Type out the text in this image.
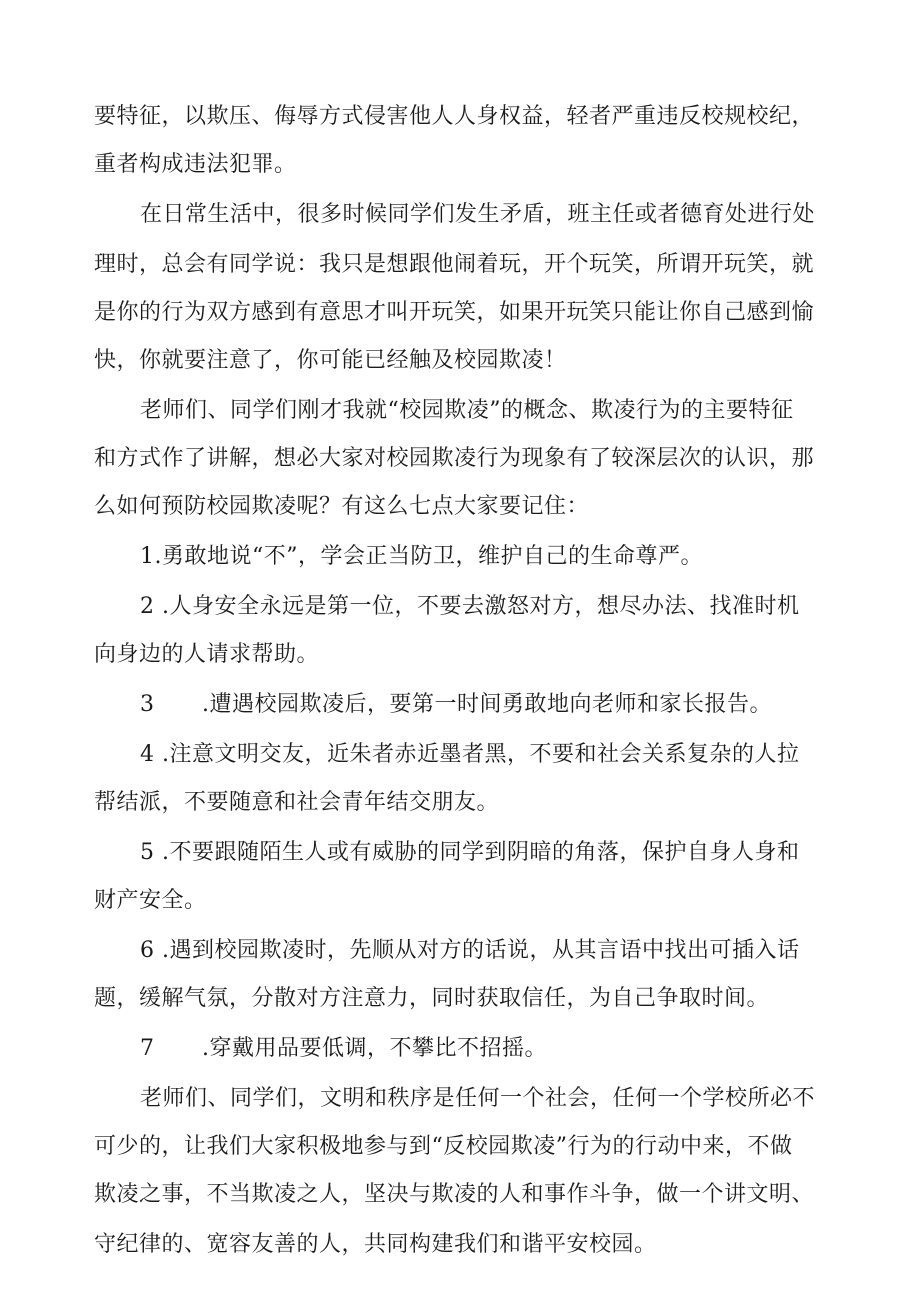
要特征，以欺压、侮辱方式侵害他人人身权益，轻者严重违反校规校纪，
重者构成违法犯罪。
在日常生活中，很多时候同学们发生矛盾，班主任或者德育处进行处
理时，总会有同学说：我只是想跟他闹着玩，开个玩笑，所谓开玩笑，就
是你的行为双方感到有意思才叫开玩笑，如果开玩笑只能让你自己感到愉
快，你就要注意了，你可能已经触及校园欺凌！
老师们、同学们刚才我就“校园欺凌”的概念、欺凌行为的主要特征
和方式作了讲解，想必大家对校园欺凌行为现象有了较深层次的认识，那
么如何预防校园欺凌呢？有这么七点大家要记住：
1.勇敢地说“不”，学会正当防卫，维护自己的生命尊严。
2 .人身安全永远是第一位，不要去激怒对方，想尽办法、找准时机
向身边的人请求帮助。
3 .遭遇校园欺凌后，要第一时间勇敢地向老师和家长报告。
4 .注意文明交友，近朱者赤近墨者黑，不要和社会关系复杂的人拉
帮结派，不要随意和社会青年结交朋友。
5 .不要跟随陌生人或有威胁的同学到阴暗的角落，保护自身人身和
财产安全。
6 .遇到校园欺凌时，先顺从对方的话说，从其言语中找出可插入话
题，缓解气氛，分散对方注意力，同时获取信任，为自己争取时间。
7 .穿戴用品要低调，不攀比不招摇。
老师们、同学们，文明和秩序是任何一个社会，任何一个学校所必不
可少的，让我们大家积极地参与到“反校园欺凌”行为的行动中来，不做
欺凌之事，不当欺凌之人，坚决与欺凌的人和事作斗争，做一个讲文明、
守纪律的、宽容友善的人，共同构建我们和谐平安校园。
